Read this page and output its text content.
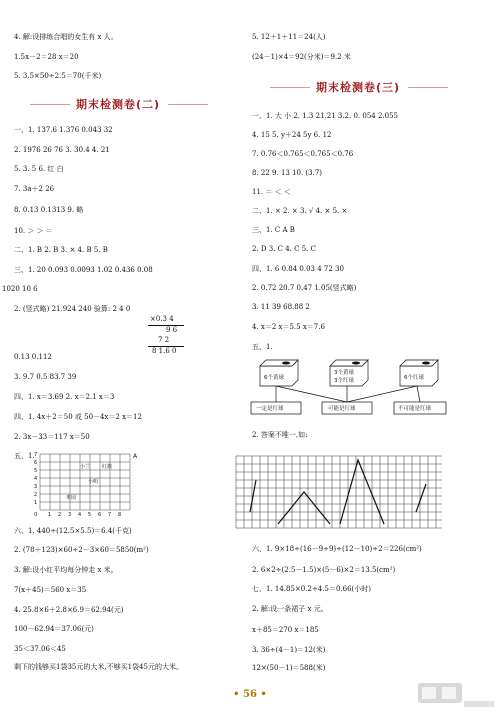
4. 解:设排练合唱的女生有 x 人。
1.5x－2＝28 x＝20
5. 3.5×50÷2.5＝70(千米)
期末检测卷(二)
一、1. 137.6 1.376 0.043 32
2. 1976 26 76 3. 30.4 4. 21
5. 3. 5 6. 红 白
7. 3a＋2 26
8. 0.13 0.1313 9. 略
10. ＞ ＞ ＝
二、1. B 2. B 3. × 4. B 5. B
三、1. 20 0.093 0.0093 1.02 0.436 0.08
1020 10 6
2. (竖式略) 21.924 240 验算: 2 4 0
×0.3 4
9 6
7 2
8 1.6 0
0.13 0.112
3. 9.7 0.5 83.7 39
四、1. x＝3.69 2. x＝2.1 x＝3
四、1. 4x＋2＝50 或 50－4x＝2 x＝12
2. 3x－33＝117 x＝50
五、1. 7
6
5
4
3
2
1
0 1 2 3 4 5 6 7 8
A
小兰 红旗
小明
枣园
六、1. 440÷(12.5×5.5)＝6.4(千克)
2. (78＋123)×60÷2－3×60＝5850(m²)
3. 解:设小红平均每分钟走 x 米。
7(x＋45)＝560 x＝35
4. 25.8×6＋2.8×6.9＝62.94(元)
100－62.94＝37.06(元)
35＜37.06＜45
剩下的钱够买1袋35元的大米,不够买1袋45元的大米。
5. 12＋1＋11＝24(人)
(24－1)×4＝92(分米)＝9.2 米
期末检测卷(三)
一、1. 大 小 2. 1.3 21.21 3.2. 0. 054 2.055
4. 15 5. y＋24 5y 6. 12
7. 0.76＜0.765＜0.76̇5＜0.7̇6
8. 22 9. 13 10. (3.7)
11. ＝ ＜ ＜
二、1. × 2. × 3. √ 4. × 5. ×
三、1. C A B
2. D 3. C 4. C 5. C
四、1. 6 0.84 0.03 4 72 30
2. 0.72 20.7 0.47 1.05(竖式略)
3. 11 39 68.88 2
4. x＝2 x＝5.5 x＝7.6
五、1.
6个黄球
3个黄球
3个红球	6个红球
一定是红球	可能是红球	不可能是红球
2. 答案不唯一,如:
六、1. 9×18÷(16－9÷9)÷(12－10)÷2＝226(cm²)
2. 6×2÷(2.5－1.5)×(5－6)×2＝13.5(cm²)
七、1. 14.85×0.2÷4.5＝0.66(小时)
2. 解:设一条裙子 x 元。
x＋85＝270 x＝185
3. 36÷(4－1)＝12(米)
12×(50－1)＝588(米)
• 56 •
